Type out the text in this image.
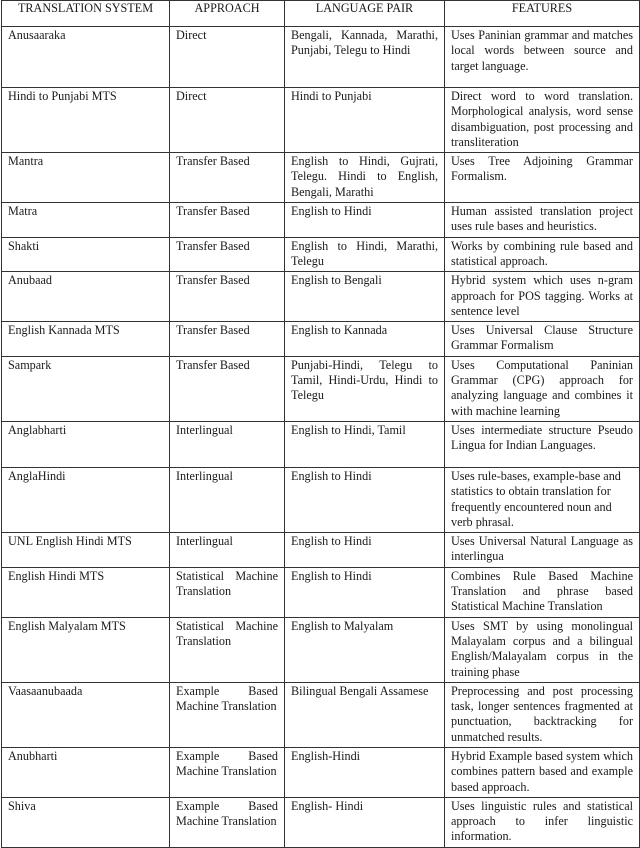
TRANSLATION SYSTEM	APPROACH	LANGUAGE PAIR	FEATURES
Anusaaraka	Direct	Bengali, Kannada, Marathi, Punjabi, Telegu to Hindi	Uses Paninian grammar and matches local words between source and target language.
Hindi to Punjabi MTS	Direct	Hindi to Punjabi	Direct word to word translation. Morphological analysis, word sense disambiguation, post processing and transliteration
Mantra	Transfer Based	English to Hindi, Gujrati, Telegu. Hindi to English, Bengali, Marathi	Uses Tree Adjoining Grammar Formalism.
Matra	Transfer Based	English to Hindi	Human assisted translation project uses rule bases and heuristics.
Shakti	Transfer Based	English to Hindi, Marathi, Telegu	Works by combining rule based and statistical approach.
Anubaad	Transfer Based	English to Bengali	Hybrid system which uses n-gram approach for POS tagging. Works at sentence level
English Kannada MTS	Transfer Based	English to Kannada	Uses Universal Clause Structure Grammar Formalism
Sampark	Transfer Based	Punjabi-Hindi, Telegu to Tamil, Hindi-Urdu, Hindi to Telegu	Uses Computational Paninian Grammar (CPG) approach for analyzing language and combines it with machine learning
Anglabharti	Interlingual	English to Hindi, Tamil	Uses intermediate structure Pseudo Lingua for Indian Languages.
AnglaHindi	Interlingual	English to Hindi	Uses rule-bases, example-base and statistics to obtain translation for frequently encountered noun and verb phrasal.
UNL English Hindi MTS	Interlingual	English to Hindi	Uses Universal Natural Language as interlingua
English Hindi MTS	Statistical Machine Translation	English to Hindi	Combines Rule Based Machine Translation and phrase based Statistical Machine Translation
English Malyalam MTS	Statistical Machine Translation	English to Malyalam	Uses SMT by using monolingual Malayalam corpus and a bilingual English/Malayalam corpus in the training phase
Vaasaanubaada	Example Based Machine Translation	Bilingual Bengali Assamese	Preprocessing and post processing task, longer sentences fragmented at punctuation, backtracking for unmatched results.
Anubharti	Example Based Machine Translation	English-Hindi	Hybrid Example based system which combines pattern based and example based approach.
Shiva	Example Based Machine Translation	English- Hindi	Uses linguistic rules and statistical approach to infer linguistic information.
